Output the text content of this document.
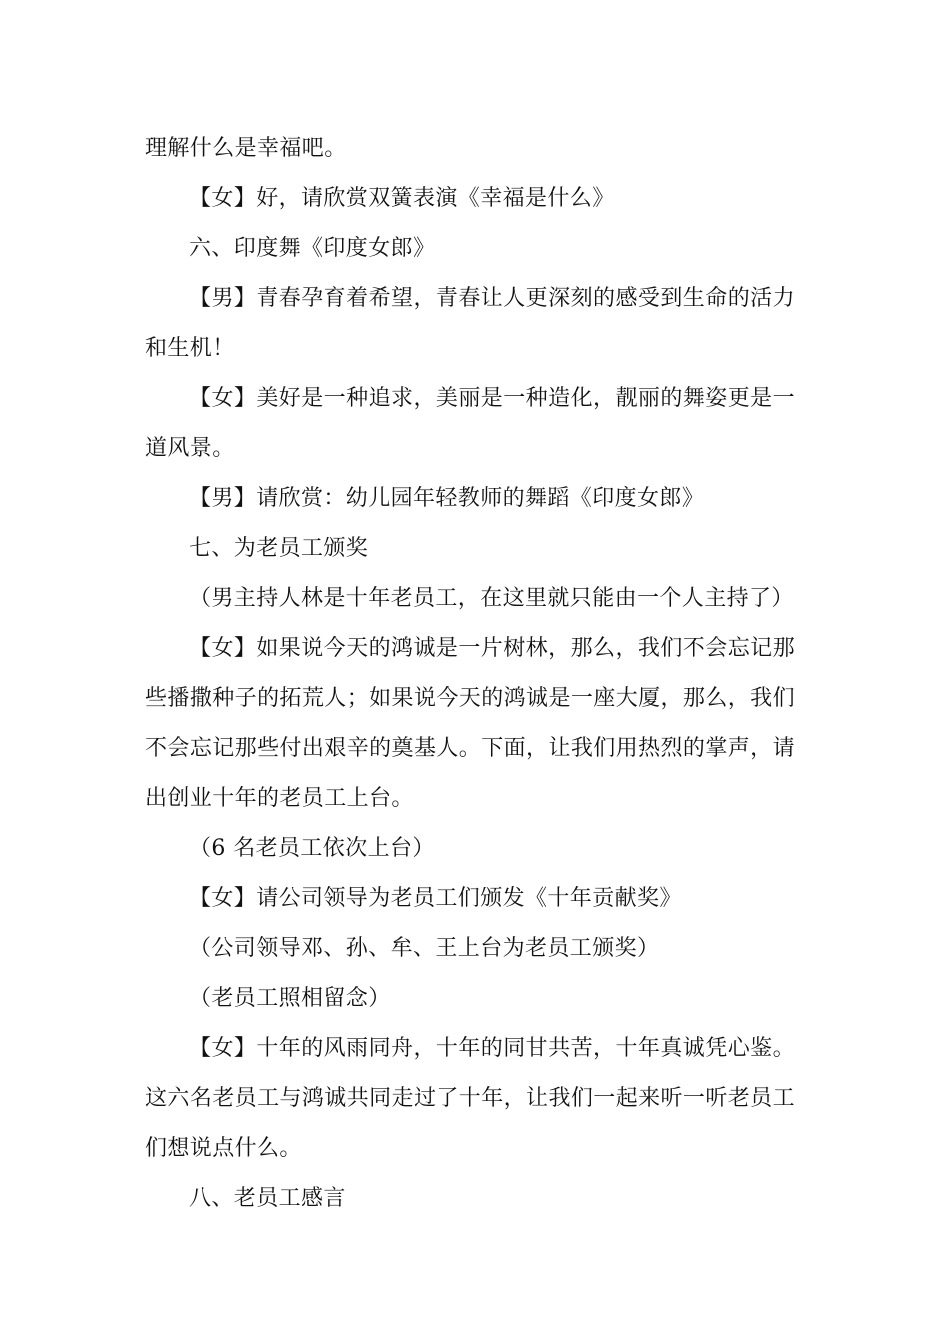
理解什么是幸福吧。

【女】好，请欣赏双簧表演《幸福是什么》

六、印度舞《印度女郎》

【男】青春孕育着希望，青春让人更深刻的感受到生命的活力和生机！

【女】美好是一种追求，美丽是一种造化，靓丽的舞姿更是一道风景。

【男】请欣赏：幼儿园年轻教师的舞蹈《印度女郎》

七、为老员工颁奖

（男主持人林是十年老员工，在这里就只能由一个人主持了）

【女】如果说今天的鸿诚是一片树林，那么，我们不会忘记那些播撒种子的拓荒人；如果说今天的鸿诚是一座大厦，那么，我们不会忘记那些付出艰辛的奠基人。下面，让我们用热烈的掌声，请出创业十年的老员工上台。

（6 名老员工依次上台）

【女】请公司领导为老员工们颁发《十年贡献奖》

（公司领导邓、孙、牟、王上台为老员工颁奖）

（老员工照相留念）

【女】十年的风雨同舟，十年的同甘共苦，十年真诚凭心鉴。这六名老员工与鸿诚共同走过了十年，让我们一起来听一听老员工们想说点什么。

八、老员工感言
